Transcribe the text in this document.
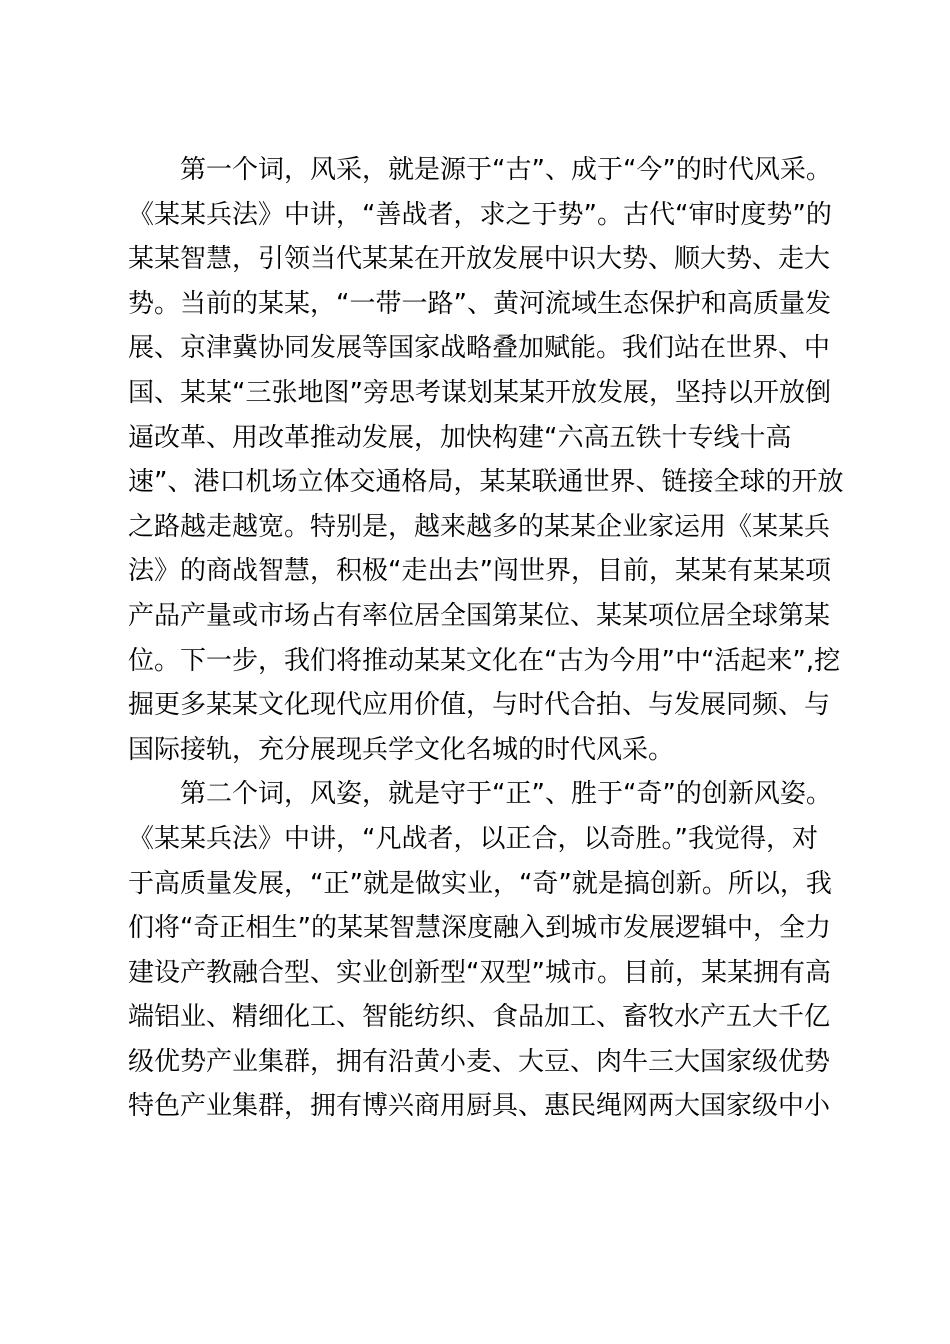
第一个词，风采，就是源于“古”、成于“今”的时代风采。
《某某兵法》中讲，“善战者，求之于势”。古代“审时度势”的
某某智慧，引领当代某某在开放发展中识大势、顺大势、走大
势。当前的某某，“一带一路”、黄河流域生态保护和高质量发
展、京津冀协同发展等国家战略叠加赋能。我们站在世界、中
国、某某“三张地图”旁思考谋划某某开放发展，坚持以开放倒
逼改革、用改革推动发展，加快构建“六高五铁十专线十高
速”、港口机场立体交通格局，某某联通世界、链接全球的开放
之路越走越宽。特别是，越来越多的某某企业家运用《某某兵
法》的商战智慧，积极“走出去”闯世界，目前，某某有某某项
产品产量或市场占有率位居全国第某位、某某项位居全球第某
位。下一步，我们将推动某某文化在“古为今用”中“活起来”,挖
掘更多某某文化现代应用价值，与时代合拍、与发展同频、与
国际接轨，充分展现兵学文化名城的时代风采。
第二个词，风姿，就是守于“正”、胜于“奇”的创新风姿。
《某某兵法》中讲，“凡战者，以正合，以奇胜。”我觉得，对
于高质量发展，“正”就是做实业，“奇”就是搞创新。所以，我
们将“奇正相生”的某某智慧深度融入到城市发展逻辑中，全力
建设产教融合型、实业创新型“双型”城市。目前，某某拥有高
端铝业、精细化工、智能纺织、食品加工、畜牧水产五大千亿
级优势产业集群，拥有沿黄小麦、大豆、肉牛三大国家级优势
特色产业集群，拥有博兴商用厨具、惠民绳网两大国家级中小
